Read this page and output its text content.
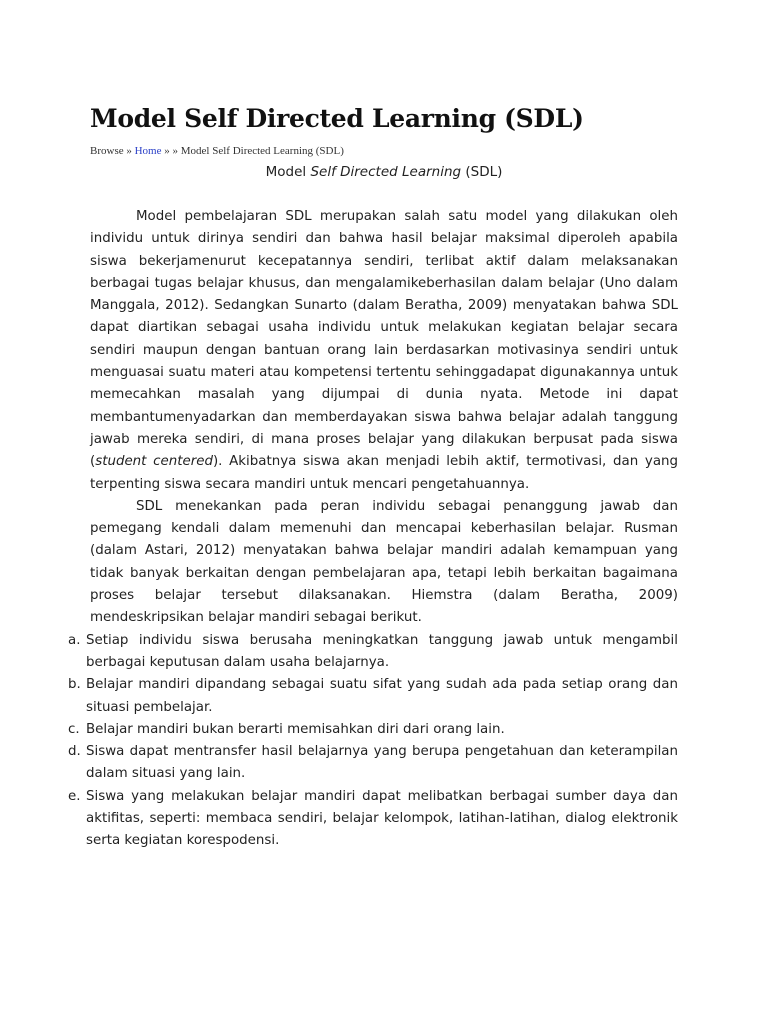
Model Self Directed Learning (SDL)
Browse » Home » » Model Self Directed Learning (SDL)
Model Self Directed Learning (SDL)

Model pembelajaran SDL merupakan salah satu model yang dilakukan oleh individu untuk dirinya sendiri dan bahwa hasil belajar maksimal diperoleh apabila siswa bekerjamenurut kecepatannya sendiri, terlibat aktif dalam melaksanakan berbagai tugas belajar khusus, dan mengalamikeberhasilan dalam belajar (Uno dalam Manggala, 2012). Sedangkan Sunarto (dalam Beratha, 2009) menyatakan bahwa SDL dapat diartikan sebagai usaha individu untuk melakukan kegiatan belajar secara sendiri maupun dengan bantuan orang lain berdasarkan motivasinya sendiri untuk menguasai suatu materi atau kompetensi tertentu sehinggadapat digunakannya untuk memecahkan masalah yang dijumpai di dunia nyata. Metode ini dapat membantumenyadarkan dan memberdayakan siswa bahwa belajar adalah tanggung jawab mereka sendiri, di mana proses belajar yang dilakukan berpusat pada siswa (student centered). Akibatnya siswa akan menjadi lebih aktif, termotivasi, dan yang terpenting siswa secara mandiri untuk mencari pengetahuannya.

SDL menekankan pada peran individu sebagai penanggung jawab dan pemegang kendali dalam memenuhi dan mencapai keberhasilan belajar. Rusman (dalam Astari, 2012) menyatakan bahwa belajar mandiri adalah kemampuan yang tidak banyak berkaitan dengan pembelajaran apa, tetapi lebih berkaitan bagaimana proses belajar tersebut dilaksanakan. Hiemstra (dalam Beratha, 2009) mendeskripsikan belajar mandiri sebagai berikut.

a. Setiap individu siswa berusaha meningkatkan tanggung jawab untuk mengambil berbagai keputusan dalam usaha belajarnya.
b. Belajar mandiri dipandang sebagai suatu sifat yang sudah ada pada setiap orang dan situasi pembelajar.
c. Belajar mandiri bukan berarti memisahkan diri dari orang lain.
d. Siswa dapat mentransfer hasil belajarnya yang berupa pengetahuan dan keterampilan dalam situasi yang lain.
e. Siswa yang melakukan belajar mandiri dapat melibatkan berbagai sumber daya dan aktifitas, seperti: membaca sendiri, belajar kelompok, latihan-latihan, dialog elektronik serta kegiatan korespodensi.
